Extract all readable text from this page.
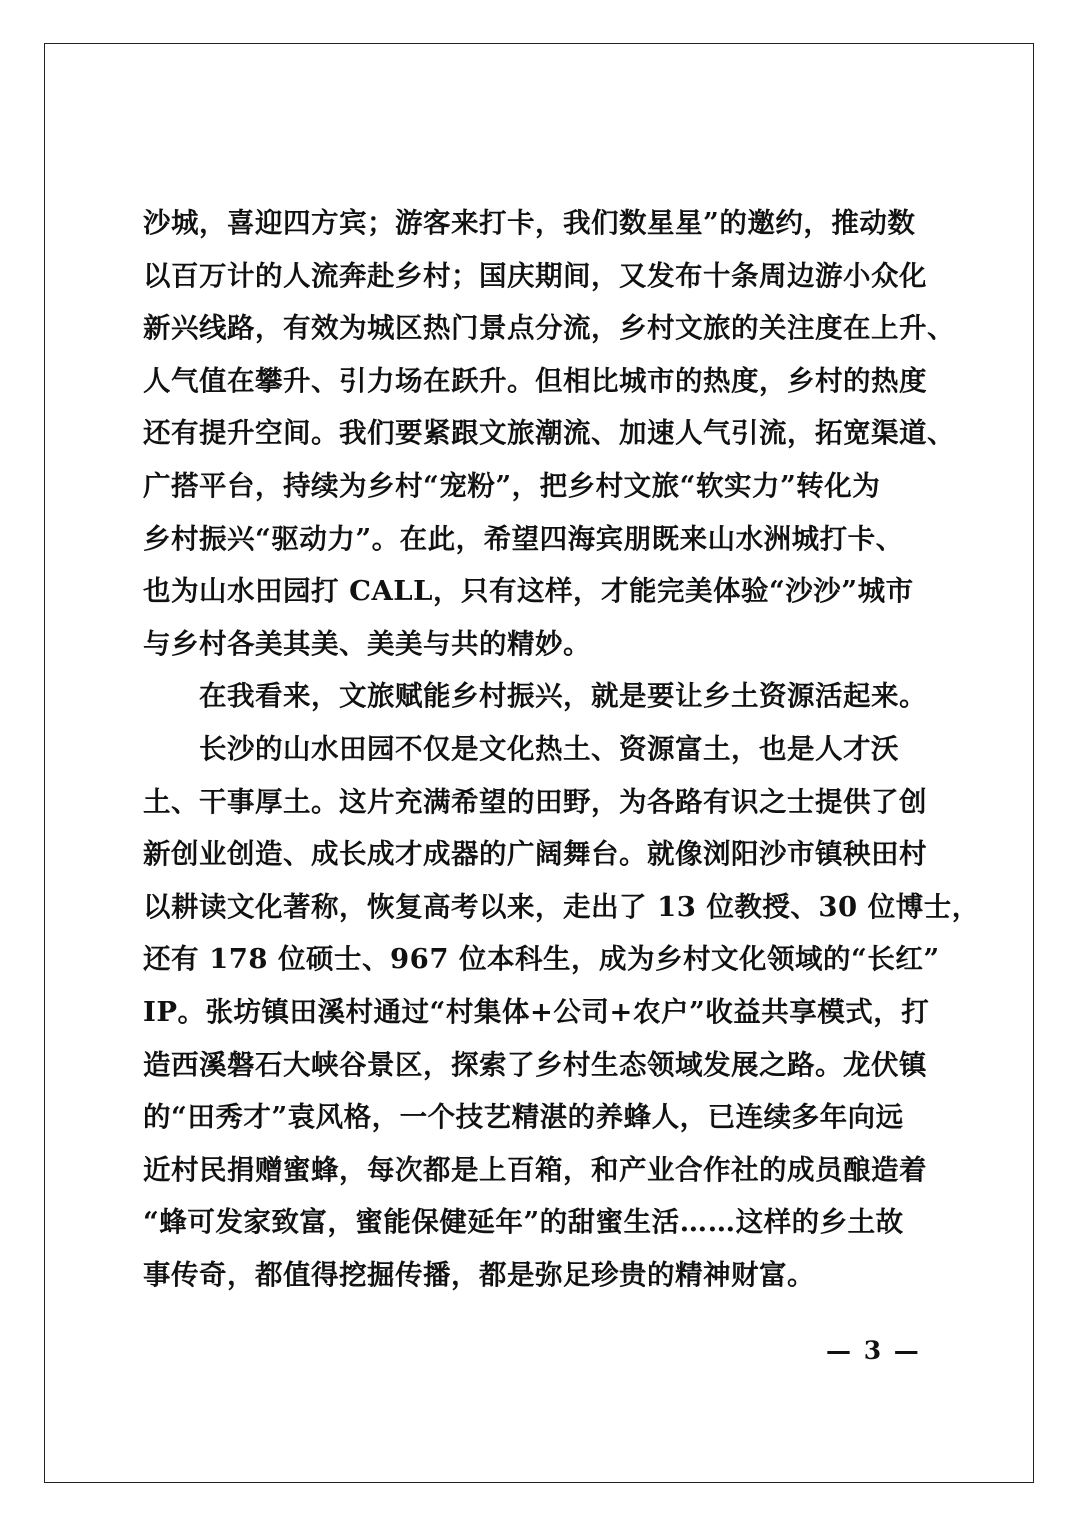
沙城，喜迎四方宾；游客来打卡，我们数星星”的邀约，推动数
以百万计的人流奔赴乡村；国庆期间，又发布十条周边游小众化
新兴线路，有效为城区热门景点分流，乡村文旅的关注度在上升、
人气值在攀升、引力场在跃升。但相比城市的热度，乡村的热度
还有提升空间。我们要紧跟文旅潮流、加速人气引流，拓宽渠道、
广搭平台，持续为乡村“宠粉”，把乡村文旅“软实力”转化为
乡村振兴“驱动力”。在此，希望四海宾朋既来山水洲城打卡、
也为山水田园打 CALL，只有这样，才能完美体验“沙沙”城市
与乡村各美其美、美美与共的精妙。
在我看来，文旅赋能乡村振兴，就是要让乡土资源活起来。
长沙的山水田园不仅是文化热土、资源富土，也是人才沃
土、干事厚土。这片充满希望的田野，为各路有识之士提供了创
新创业创造、成长成才成器的广阔舞台。就像浏阳沙市镇秧田村
以耕读文化著称，恢复高考以来，走出了 13 位教授、30 位博士，
还有 178 位硕士、967 位本科生，成为乡村文化领域的“长红”
IP。张坊镇田溪村通过“村集体+公司+农户”收益共享模式，打
造西溪磐石大峡谷景区，探索了乡村生态领域发展之路。龙伏镇
的“田秀才”袁风格，一个技艺精湛的养蜂人，已连续多年向远
近村民捐赠蜜蜂，每次都是上百箱，和产业合作社的成员酿造着
“蜂可发家致富，蜜能保健延年”的甜蜜生活……这样的乡土故
事传奇，都值得挖掘传播，都是弥足珍贵的精神财富。
— 3 —
